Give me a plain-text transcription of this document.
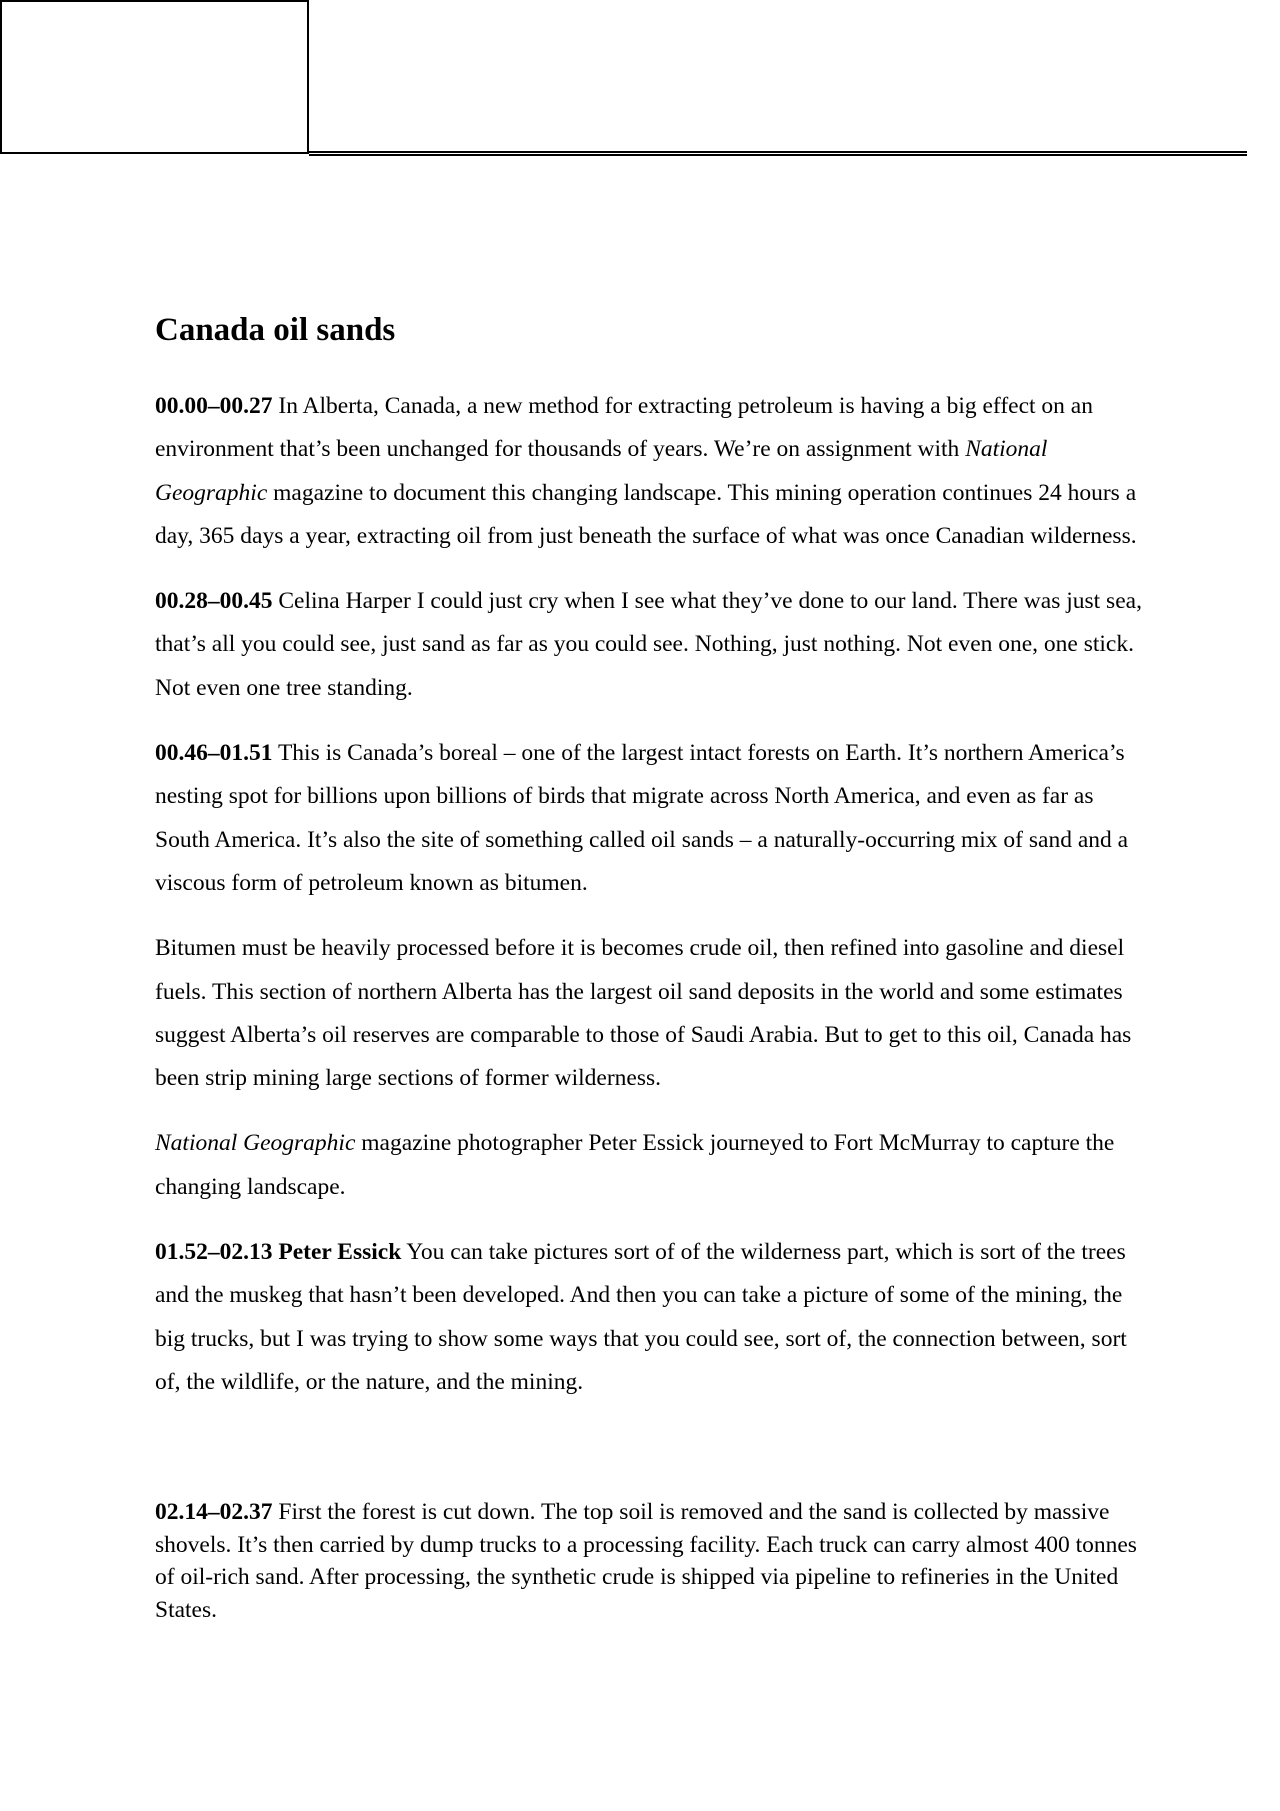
Canada oil sands

00.00–00.27 In Alberta, Canada, a new method for extracting petroleum is having a big effect on an environment that’s been unchanged for thousands of years. We’re on assignment with National Geographic magazine to document this changing landscape. This mining operation continues 24 hours a day, 365 days a year, extracting oil from just beneath the surface of what was once Canadian wilderness.

00.28–00.45 Celina Harper I could just cry when I see what they’ve done to our land. There was just sea, that’s all you could see, just sand as far as you could see. Nothing, just nothing. Not even one, one stick. Not even one tree standing.

00.46–01.51 This is Canada’s boreal – one of the largest intact forests on Earth. It’s northern America’s nesting spot for billions upon billions of birds that migrate across North America, and even as far as South America. It’s also the site of something called oil sands – a naturally-occurring mix of sand and a viscous form of petroleum known as bitumen.

Bitumen must be heavily processed before it is becomes crude oil, then refined into gasoline and diesel fuels. This section of northern Alberta has the largest oil sand deposits in the world and some estimates suggest Alberta’s oil reserves are comparable to those of Saudi Arabia. But to get to this oil, Canada has been strip mining large sections of former wilderness.

National Geographic magazine photographer Peter Essick journeyed to Fort McMurray to capture the changing landscape.

01.52–02.13 Peter Essick You can take pictures sort of of the wilderness part, which is sort of the trees and the muskeg that hasn’t been developed. And then you can take a picture of some of the mining, the big trucks, but I was trying to show some ways that you could see, sort of, the connection between, sort of, the wildlife, or the nature, and the mining.

02.14–02.37 First the forest is cut down. The top soil is removed and the sand is collected by massive shovels. It’s then carried by dump trucks to a processing facility. Each truck can carry almost 400 tonnes of oil-rich sand. After processing, the synthetic crude is shipped via pipeline to refineries in the United States.
